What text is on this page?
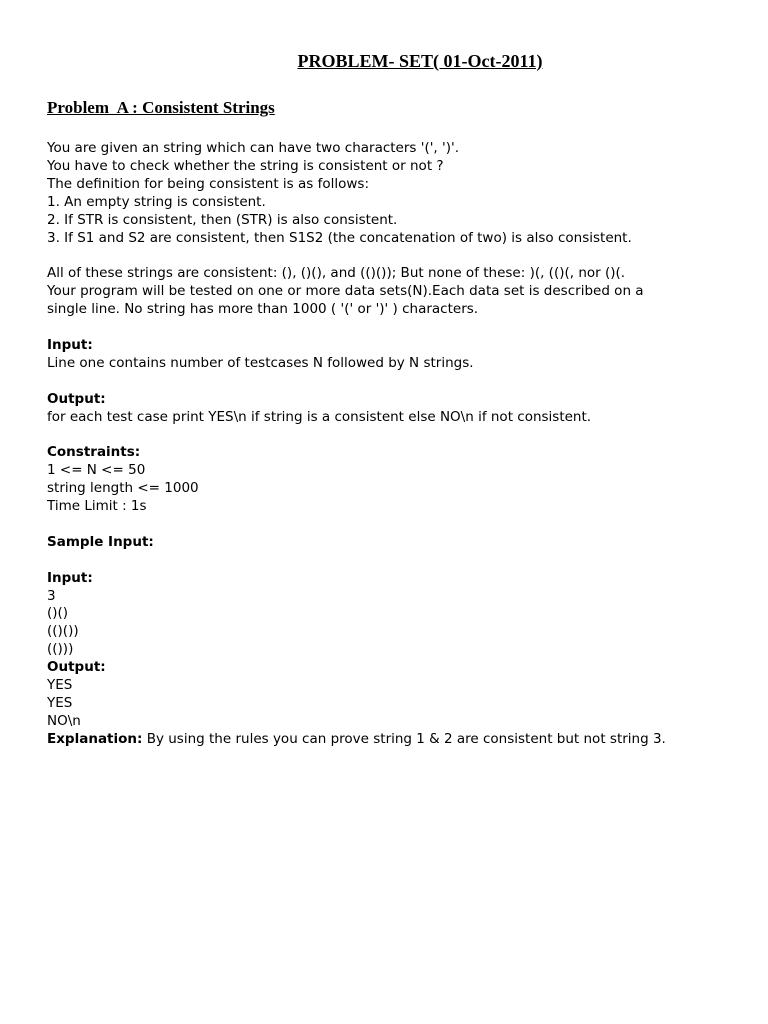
PROBLEM- SET( 01-Oct-2011)
Problem  A : Consistent Strings
You are given an string which can have two characters '(', ')'.
You have to check whether the string is consistent or not ?
The definition for being consistent is as follows:
1. An empty string is consistent.
2. If STR is consistent, then (STR) is also consistent.
3. If S1 and S2 are consistent, then S1S2 (the concatenation of two) is also consistent.
All of these strings are consistent: (), ()(), and (()()); But none of these: )(, (()(, nor ()(.
Your program will be tested on one or more data sets(N).Each data set is described on a
single line. No string has more than 1000 ( '(' or ')' ) characters.
Input:
Line one contains number of testcases N followed by N strings.
Output:
for each test case print YES\n if string is a consistent else NO\n if not consistent.
Constraints:
1 <= N <= 50
string length <= 1000
Time Limit : 1s
Sample Input:
Input:
3
()()
(()())
(()))
Output:
YES
YES
NO\n
Explanation: By using the rules you can prove string 1 & 2 are consistent but not string 3.
